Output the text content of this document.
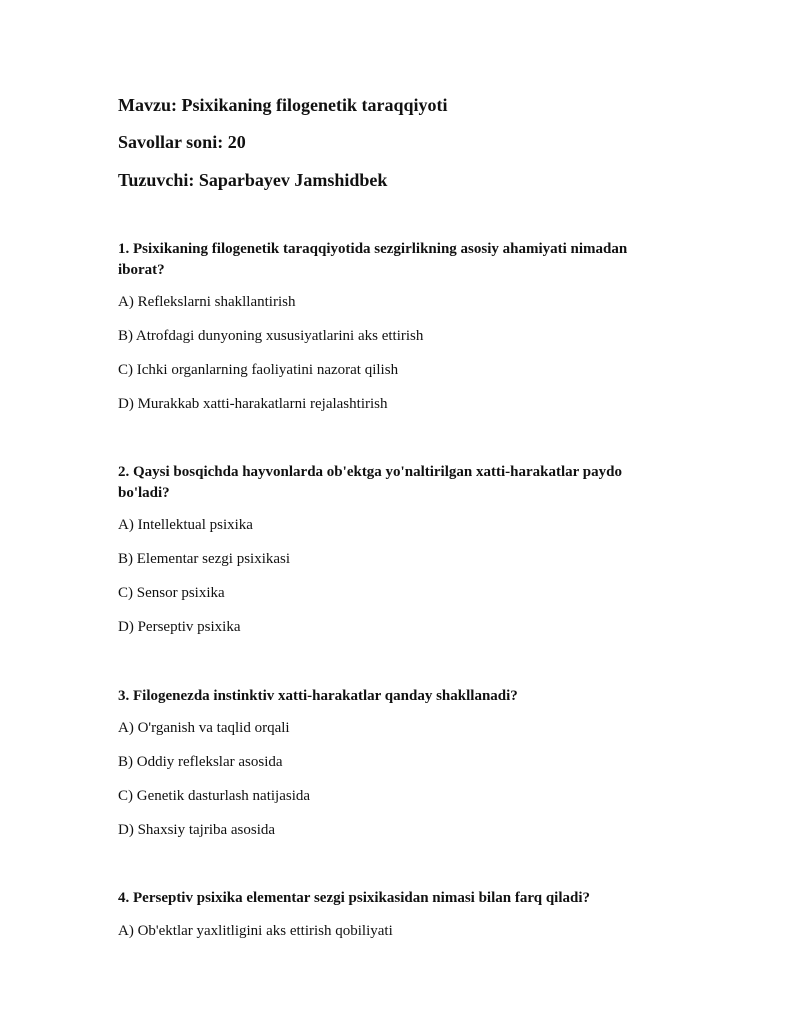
Mavzu: Psixikaning filogenetik taraqqiyoti
Savollar soni: 20
Tuzuvchi: Saparbayev Jamshidbek
1. Psixikaning filogenetik taraqqiyotida sezgirlikning asosiy ahamiyati nimadan iborat?
A) Reflekslarni shakllantirish
B) Atrofdagi dunyoning xususiyatlarini aks ettirish
C) Ichki organlarning faoliyatini nazorat qilish
D) Murakkab xatti-harakatlarni rejalashtirish
2. Qaysi bosqichda hayvonlarda ob'ektga yo'naltirilgan xatti-harakatlar paydo bo'ladi?
A) Intellektual psixika
B) Elementar sezgi psixikasi
C) Sensor psixika
D) Perseptiv psixika
3. Filogenezda instinktiv xatti-harakatlar qanday shakllanadi?
A) O'rganish va taqlid orqali
B) Oddiy reflekslar asosida
C) Genetik dasturlash natijasida
D) Shaxsiy tajriba asosida
4. Perseptiv psixika elementar sezgi psixikasidan nimasi bilan farq qiladi?
A) Ob'ektlar yaxlitligini aks ettirish qobiliyati
